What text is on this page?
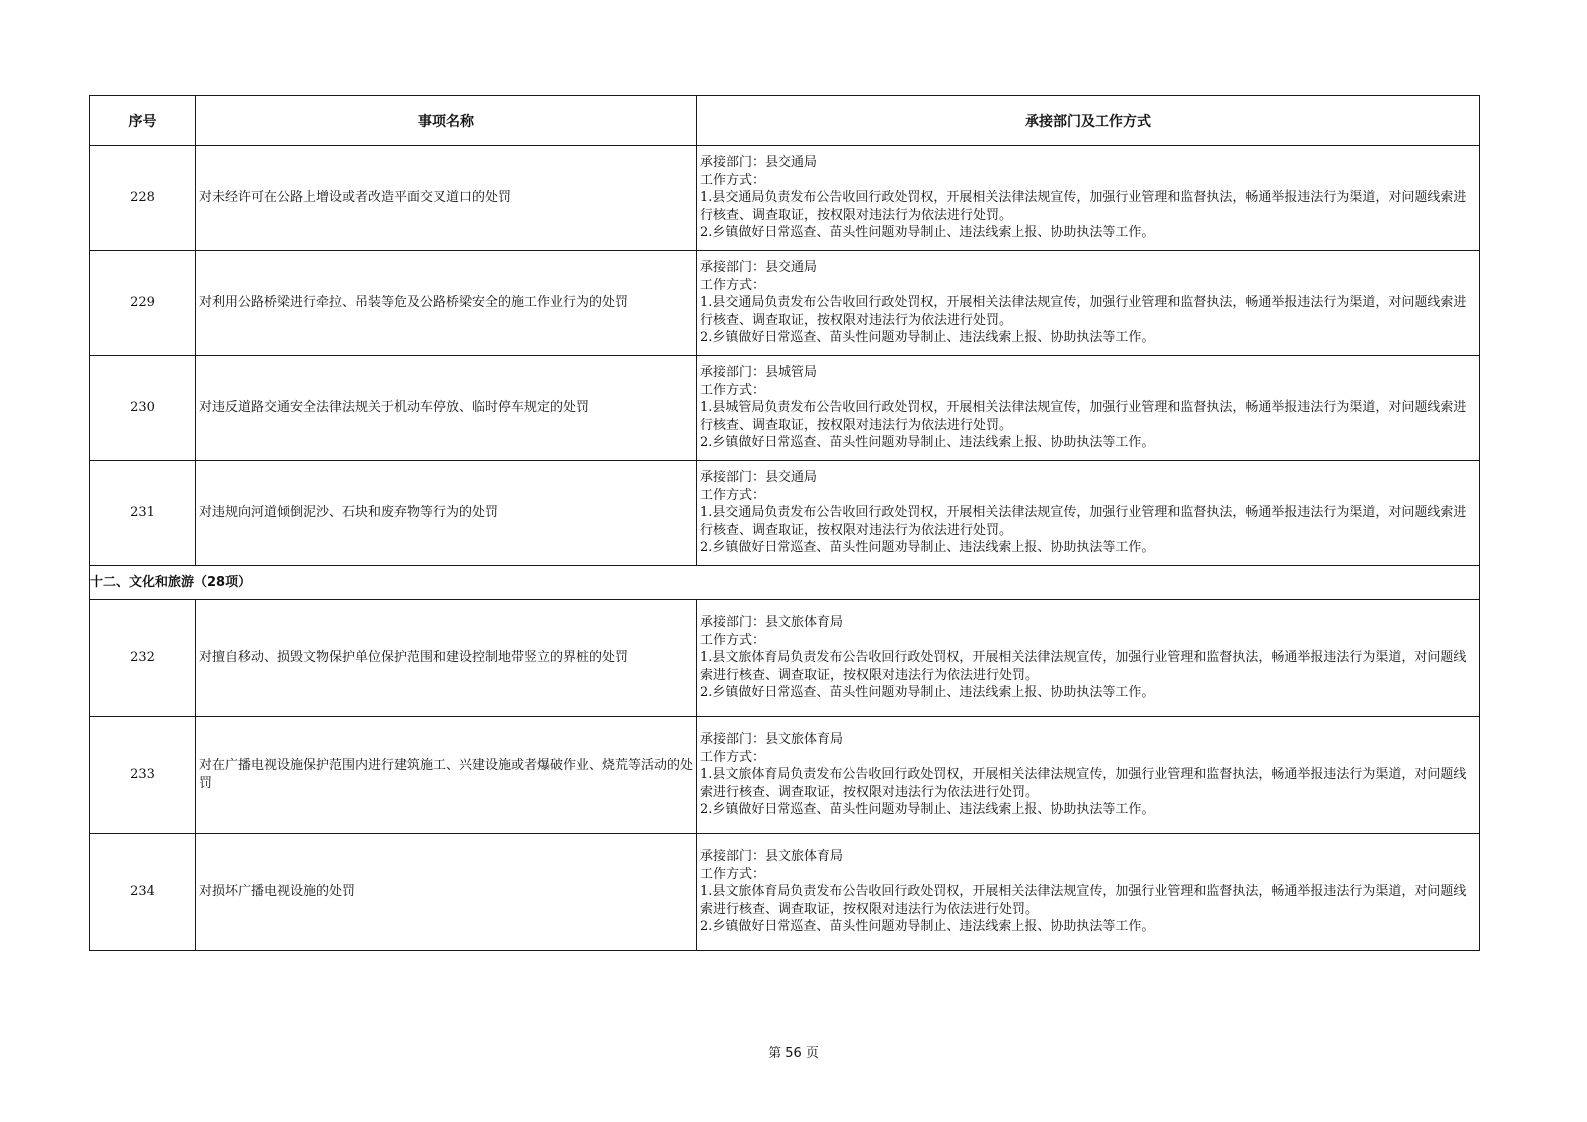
序号	事项名称	承接部门及工作方式
228	对未经许可在公路上增设或者改造平面交叉道口的处罚	承接部门：县交通局
工作方式：
1.县交通局负责发布公告收回行政处罚权，开展相关法律法规宣传，加强行业管理和监督执法，畅通举报违法行为渠道，对问题线索进行核查、调查取证，按权限对违法行为依法进行处罚。
2.乡镇做好日常巡查、苗头性问题劝导制止、违法线索上报、协助执法等工作。

229	对利用公路桥梁进行牵拉、吊装等危及公路桥梁安全的施工作业行为的处罚	承接部门：县交通局
工作方式：
1.县交通局负责发布公告收回行政处罚权，开展相关法律法规宣传，加强行业管理和监督执法，畅通举报违法行为渠道，对问题线索进行核查、调查取证，按权限对违法行为依法进行处罚。
2.乡镇做好日常巡查、苗头性问题劝导制止、违法线索上报、协助执法等工作。

230	对违反道路交通安全法律法规关于机动车停放、临时停车规定的处罚	承接部门：县城管局
工作方式：
1.县城管局负责发布公告收回行政处罚权，开展相关法律法规宣传，加强行业管理和监督执法，畅通举报违法行为渠道，对问题线索进行核查、调查取证，按权限对违法行为依法进行处罚。
2.乡镇做好日常巡查、苗头性问题劝导制止、违法线索上报、协助执法等工作。

231	对违规向河道倾倒泥沙、石块和废弃物等行为的处罚	承接部门：县交通局
工作方式：
1.县交通局负责发布公告收回行政处罚权，开展相关法律法规宣传，加强行业管理和监督执法，畅通举报违法行为渠道，对问题线索进行核查、调查取证，按权限对违法行为依法进行处罚。
2.乡镇做好日常巡查、苗头性问题劝导制止、违法线索上报、协助执法等工作。

十二、文化和旅游（28项）		
232	对擅自移动、损毁文物保护单位保护范围和建设控制地带竖立的界桩的处罚	承接部门：县文旅体育局
工作方式：
1.县文旅体育局负责发布公告收回行政处罚权，开展相关法律法规宣传，加强行业管理和监督执法，畅通举报违法行为渠道，对问题线索进行核查、调查取证，按权限对违法行为依法进行处罚。
2.乡镇做好日常巡查、苗头性问题劝导制止、违法线索上报、协助执法等工作。

233	对在广播电视设施保护范围内进行建筑施工、兴建设施或者爆破作业、烧荒等活动的处罚	承接部门：县文旅体育局
工作方式：
1.县文旅体育局负责发布公告收回行政处罚权，开展相关法律法规宣传，加强行业管理和监督执法，畅通举报违法行为渠道，对问题线索进行核查、调查取证，按权限对违法行为依法进行处罚。
2.乡镇做好日常巡查、苗头性问题劝导制止、违法线索上报、协助执法等工作。

234	对损坏广播电视设施的处罚	承接部门：县文旅体育局
工作方式：
1.县文旅体育局负责发布公告收回行政处罚权，开展相关法律法规宣传，加强行业管理和监督执法，畅通举报违法行为渠道，对问题线索进行核查、调查取证，按权限对违法行为依法进行处罚。
2.乡镇做好日常巡查、苗头性问题劝导制止、违法线索上报、协助执法等工作。
第 56 页
